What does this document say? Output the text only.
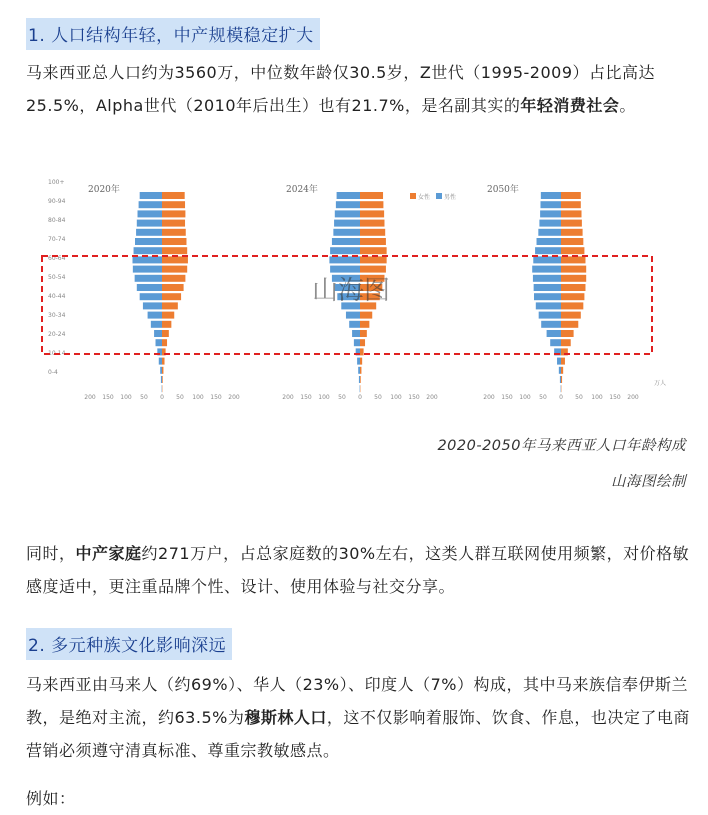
1. 人口结构年轻，中产规模稳定扩大

马来西亚总人口约为3560万，中位数年龄仅30.5岁，Z世代（1995-2009）占比高达25.5%，Alpha世代（2010年后出生）也有21.7%，是名副其实的年轻消费社会。

100+
90-94
80-84
70-74
60-64
50-54
40-44
30-34
20-24
10-14
0-4
2020年
200 150 100 50 0 50 100 150 200
2024年
200 150 100 50 0 50 100 150 200
2050年
200 150 100 50 0 50 100 150 200
女性 男性
万人
山海图
2020-2050年马来西亚人口年龄构成
山海图绘制

同时，中产家庭约271万户，占总家庭数的30%左右，这类人群互联网使用频繁，对价格敏感度适中，更注重品牌个性、设计、使用体验与社交分享。

2. 多元种族文化影响深远

马来西亚由马来人（约69%）、华人（23%）、印度人（7%）构成，其中马来族信奉伊斯兰教，是绝对主流，约63.5%为穆斯林人口，这不仅影响着服饰、饮食、作息，也决定了电商营销必须遵守清真标准、尊重宗教敏感点。

例如：
